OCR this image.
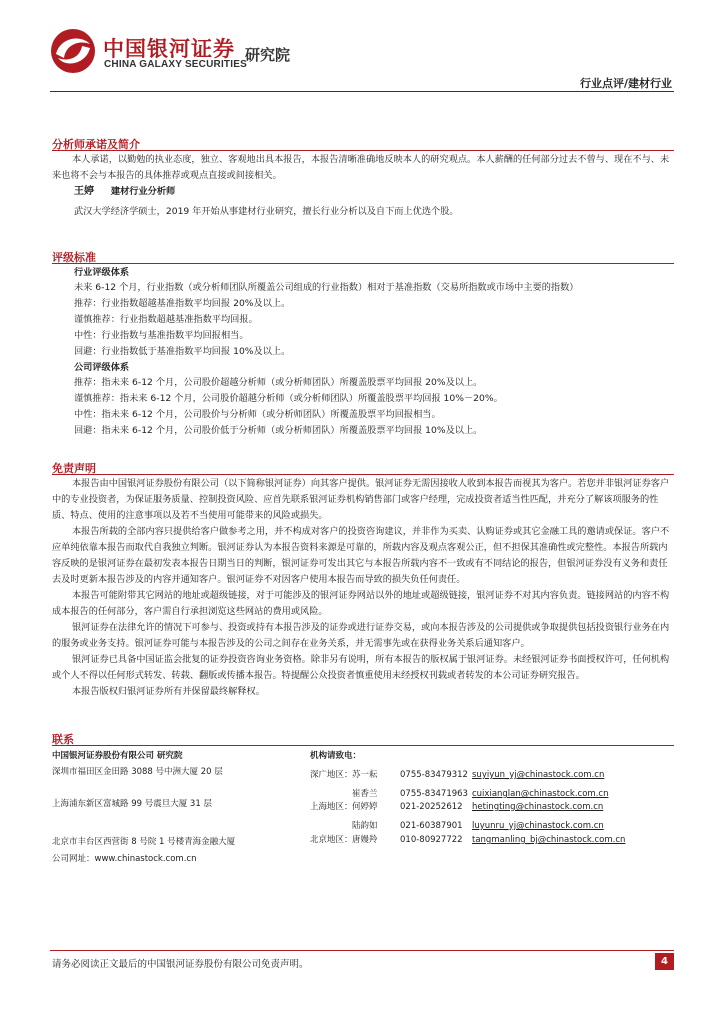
中国银河证券
CHINA GALAXY SECURITIES
研究院
行业点评/建材行业
分析师承诺及简介
本人承诺，以勤勉的执业态度，独立、客观地出具本报告，本报告清晰准确地反映本人的研究观点。本人薪酬的任何部分过去不曾与、现在不与、未来也将不会与本报告的具体推荐或观点直接或间接相关。
王婷 建材行业分析师
武汉大学经济学硕士，2019 年开始从事建材行业研究，擅长行业分析以及自下而上优选个股。
评级标准
行业评级体系
未来 6-12 个月，行业指数（或分析师团队所覆盖公司组成的行业指数）相对于基准指数（交易所指数或市场中主要的指数）
推荐：行业指数超越基准指数平均回报 20%及以上。
谨慎推荐：行业指数超越基准指数平均回报。
中性：行业指数与基准指数平均回报相当。
回避：行业指数低于基准指数平均回报 10%及以上。
公司评级体系
推荐：指未来 6-12 个月，公司股价超越分析师（或分析师团队）所覆盖股票平均回报 20%及以上。
谨慎推荐：指未来 6-12 个月，公司股价超越分析师（或分析师团队）所覆盖股票平均回报 10%－20%。
中性：指未来 6-12 个月，公司股价与分析师（或分析师团队）所覆盖股票平均回报相当。
回避：指未来 6-12 个月，公司股价低于分析师（或分析师团队）所覆盖股票平均回报 10%及以上。
免责声明

本报告由中国银河证券股份有限公司（以下简称银河证券）向其客户提供。银河证券无需因接收人收到本报告而视其为客户。若您并非银河证券客户中的专业投资者，为保证服务质量、控制投资风险、应首先联系银河证券机构销售部门或客户经理，完成投资者适当性匹配，并充分了解该项服务的性质、特点、使用的注意事项以及若不当使用可能带来的风险或损失。

本报告所载的全部内容只提供给客户做参考之用，并不构成对客户的投资咨询建议，并非作为买卖、认购证券或其它金融工具的邀请或保证。客户不应单纯依靠本报告而取代自我独立判断。银河证券认为本报告资料来源是可靠的，所载内容及观点客观公正，但不担保其准确性或完整性。本报告所载内容反映的是银河证券在最初发表本报告日期当日的判断，银河证券可发出其它与本报告所载内容不一致或有不同结论的报告，但银河证券没有义务和责任去及时更新本报告涉及的内容并通知客户。银河证券不对因客户使用本报告而导致的损失负任何责任。

本报告可能附带其它网站的地址或超级链接，对于可能涉及的银河证券网站以外的地址或超级链接，银河证券不对其内容负责。链接网站的内容不构成本报告的任何部分，客户需自行承担浏览这些网站的费用或风险。

银河证券在法律允许的情况下可参与、投资或持有本报告涉及的证券或进行证券交易，或向本报告涉及的公司提供或争取提供包括投资银行业务在内的服务或业务支持。银河证券可能与本报告涉及的公司之间存在业务关系，并无需事先或在获得业务关系后通知客户。

银河证券已具备中国证监会批复的证券投资咨询业务资格。除非另有说明，所有本报告的版权属于银河证券。未经银河证券书面授权许可，任何机构或个人不得以任何形式转发、转载、翻版或传播本报告。特提醒公众投资者慎重使用未经授权刊载或者转发的本公司证券研究报告。

本报告版权归银河证券所有并保留最终解释权。

联系
中国银河证券股份有限公司 研究院
深圳市福田区金田路 3088 号中洲大厦 20 层
上海浦东新区富城路 99 号震旦大厦 31 层
北京市丰台区西营街 8 号院 1 号楼青海金融大厦
公司网址：www.chinastock.com.cn
机构请致电：
深广地区：苏一耘	0755-83479312 suyiyun_yj@chinastock.com.cn
崔香兰	0755-83471963 cuixianglan@chinastock.com.cn
上海地区：何婷婷	021-20252612 hetingting@chinastock.com.cn
陆韵如	021-60387901 luyunru_yj@chinastock.com.cn
北京地区：唐嫚羚	010-80927722 tangmanling_bj@chinastock.com.cn
请务必阅读正文最后的中国银河证券股份有限公司免责声明。	4
